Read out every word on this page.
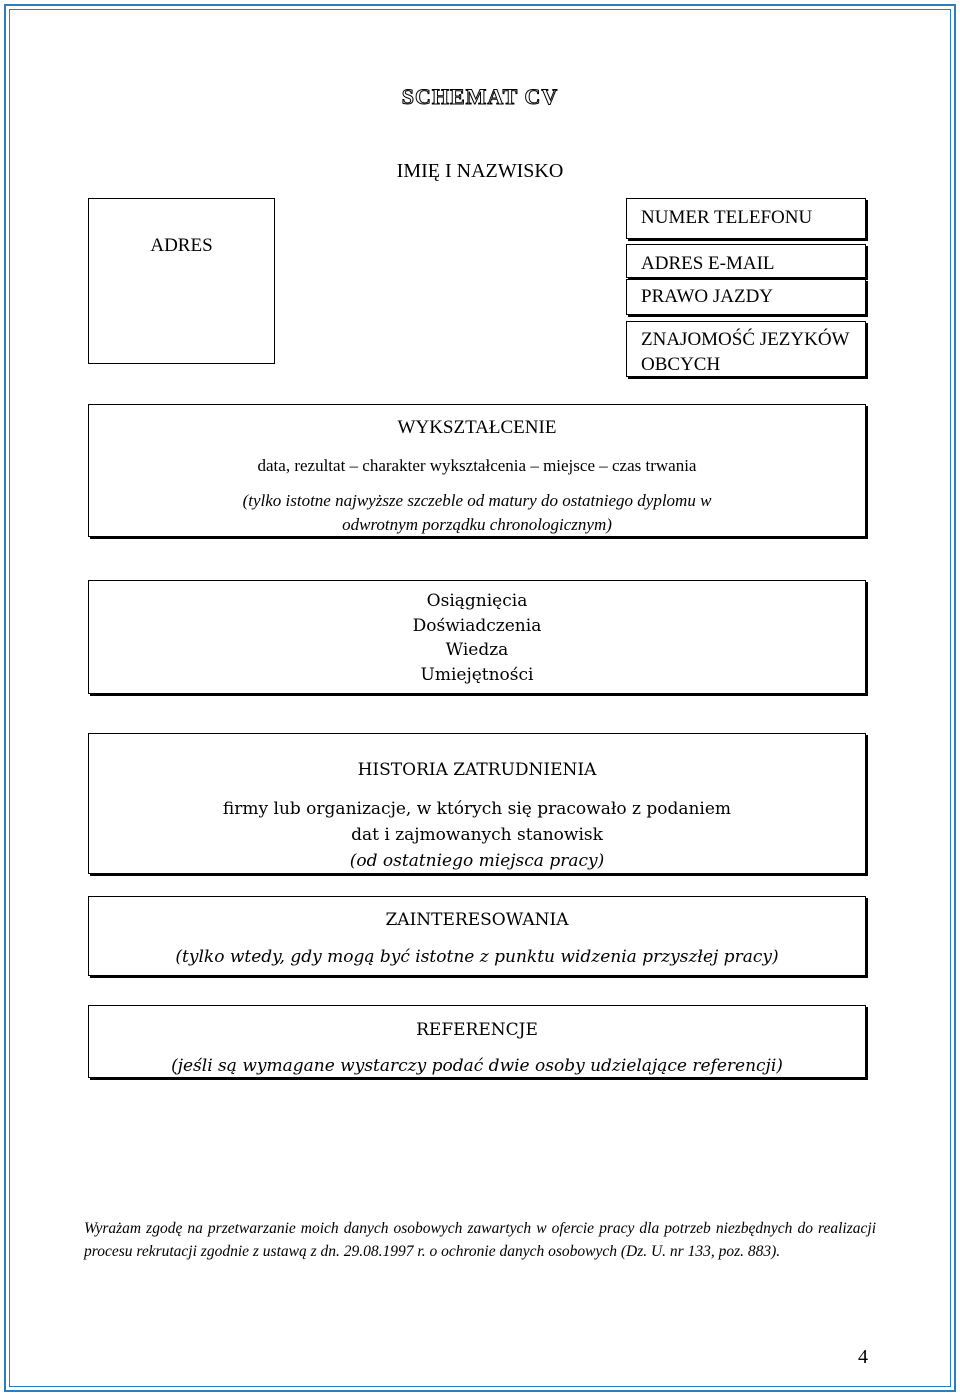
SCHEMAT CV
IMIĘ I NAZWISKO
ADRES
NUMER TELEFONU
ADRES E-MAIL
PRAWO JAZDY
ZNAJOMOŚĆ JEZYKÓW OBCYCH
WYKSZTAŁCENIE
data, rezultat – charakter wykształcenia – miejsce – czas trwania
(tylko istotne najwyższe szczeble od matury do ostatniego dyplomu w odwrotnym porządku chronologicznym)
Osiągnięcia
Doświadczenia
Wiedza
Umiejętności
HISTORIA ZATRUDNIENIA
firmy lub organizacje, w których się pracowało z podaniem
dat i zajmowanych stanowisk
(od ostatniego miejsca pracy)
ZAINTERESOWANIA
(tylko wtedy, gdy mogą być istotne z punktu widzenia przyszłej pracy)
REFERENCJE
(jeśli są wymagane wystarczy podać dwie osoby udzielające referencji)
Wyrażam zgodę na przetwarzanie moich danych osobowych zawartych w ofercie pracy dla potrzeb niezbędnych do realizacji procesu rekrutacji zgodnie z ustawą z dn. 29.08.1997 r. o ochronie danych osobowych (Dz. U. nr 133, poz. 883).
4
